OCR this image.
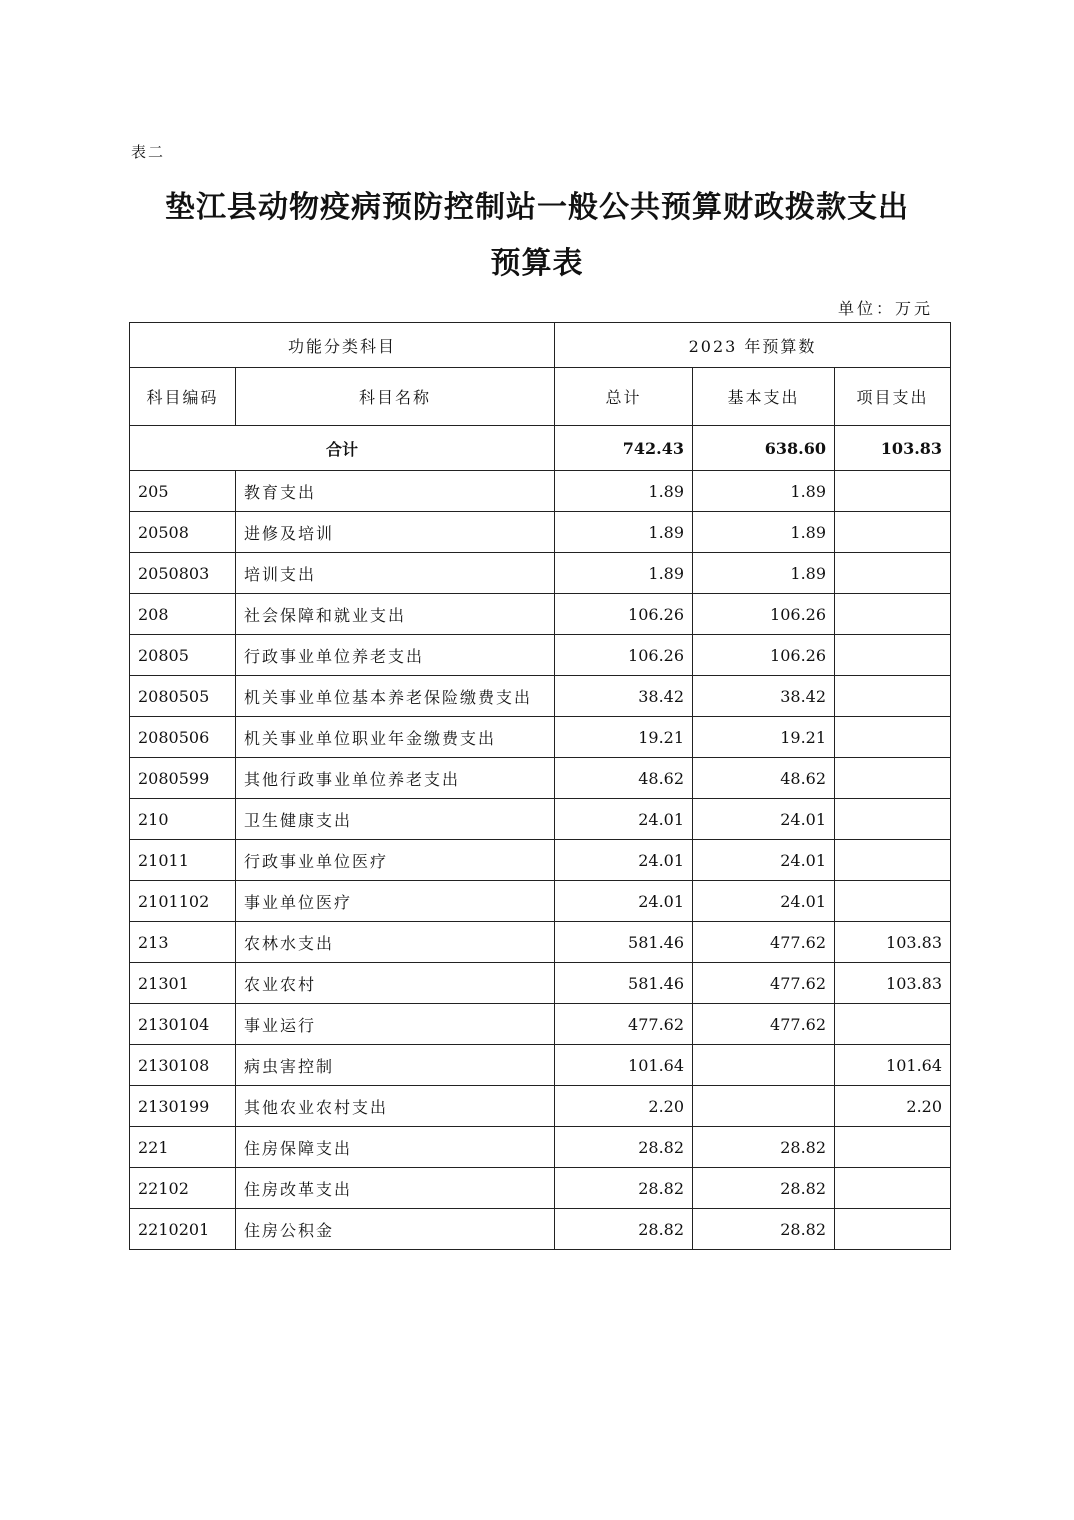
表二
垫江县动物疫病预防控制站一般公共预算财政拨款支出
预算表
单位：万元
功能分类科目		2023 年预算数		
科目编码	科目名称	总计	基本支出	项目支出
合计		742.43	638.60	103.83
205	教育支出	1.89	1.89	
20508	进修及培训	1.89	1.89	
2050803	培训支出	1.89	1.89	
208	社会保障和就业支出	106.26	106.26	
20805	行政事业单位养老支出	106.26	106.26	
2080505	机关事业单位基本养老保险缴费支出	38.42	38.42	
2080506	机关事业单位职业年金缴费支出	19.21	19.21	
2080599	其他行政事业单位养老支出	48.62	48.62	
210	卫生健康支出	24.01	24.01	
21011	行政事业单位医疗	24.01	24.01	
2101102	事业单位医疗	24.01	24.01	
213	农林水支出	581.46	477.62	103.83
21301	农业农村	581.46	477.62	103.83
2130104	事业运行	477.62	477.62	
2130108	病虫害控制	101.64		101.64
2130199	其他农业农村支出	2.20		2.20
221	住房保障支出	28.82	28.82	
22102	住房改革支出	28.82	28.82	
2210201	住房公积金	28.82	28.82	
